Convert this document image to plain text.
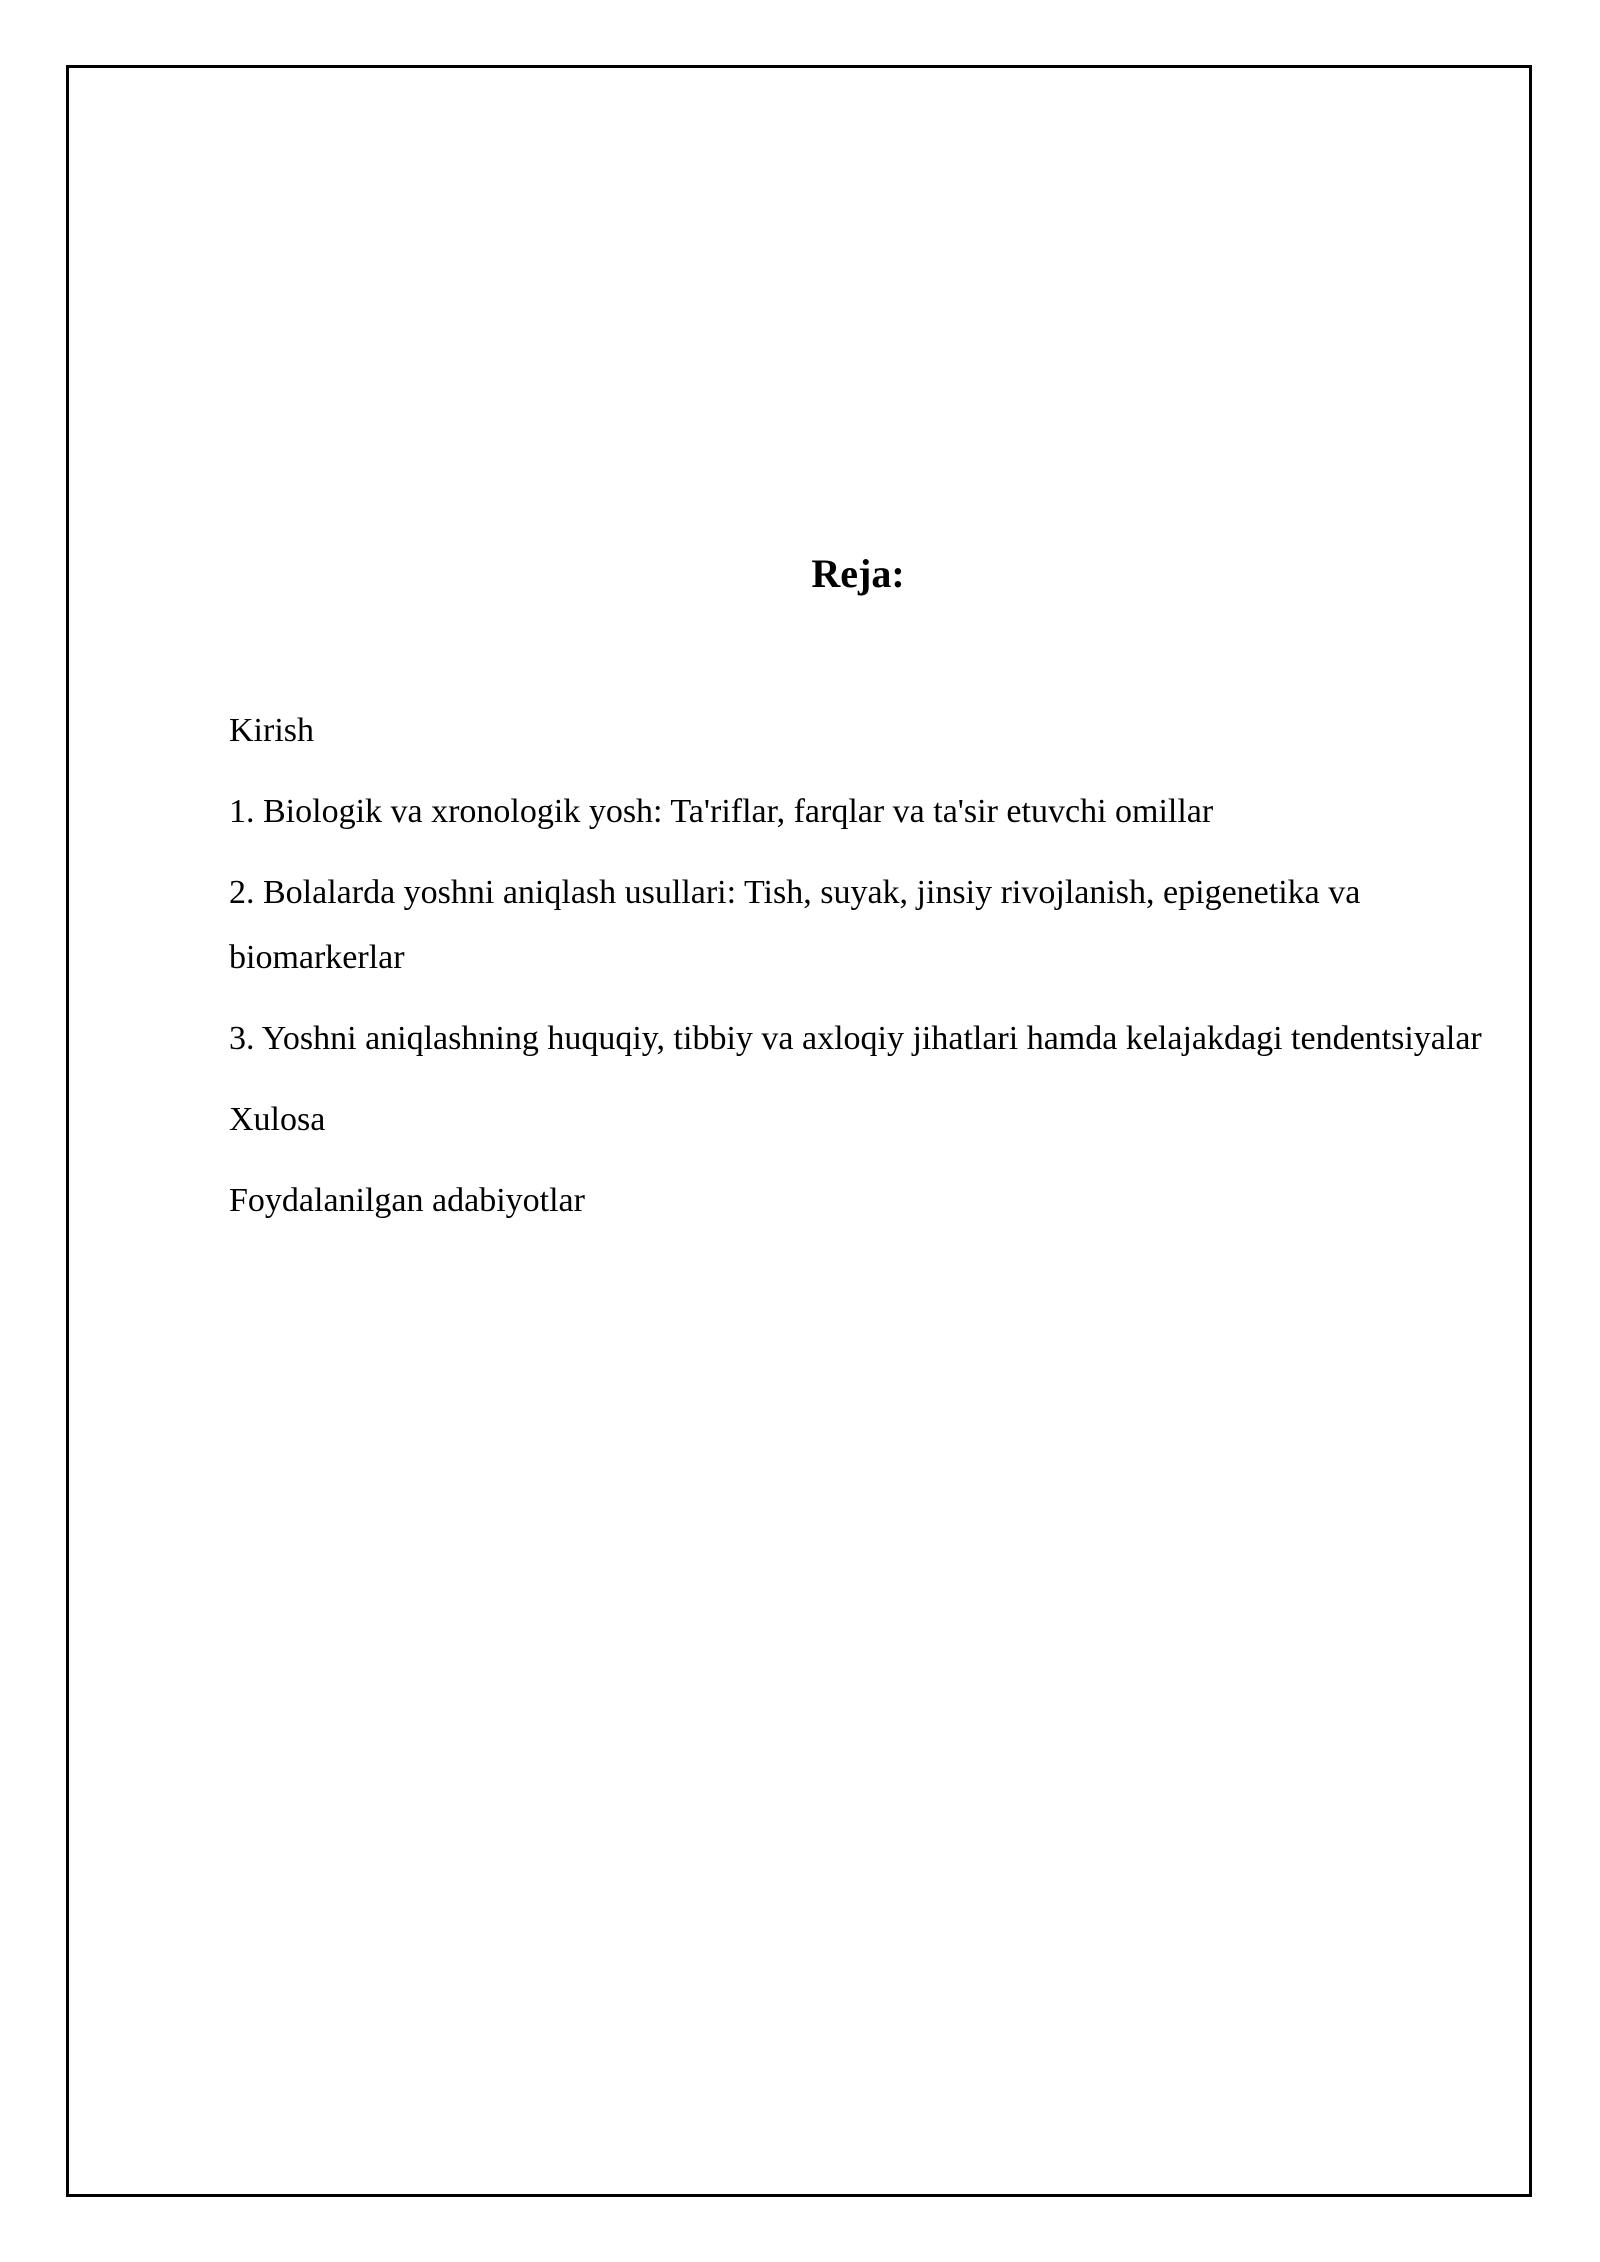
Reja:
Kirish
1. Biologik va xronologik yosh: Ta'riflar, farqlar va ta'sir etuvchi omillar
2. Bolalarda yoshni aniqlash usullari: Tish, suyak, jinsiy rivojlanish, epigenetika va biomarkerlar
3. Yoshni aniqlashning huquqiy, tibbiy va axloqiy jihatlari hamda kelajakdagi tendentsiyalar
Xulosa
Foydalanilgan adabiyotlar
